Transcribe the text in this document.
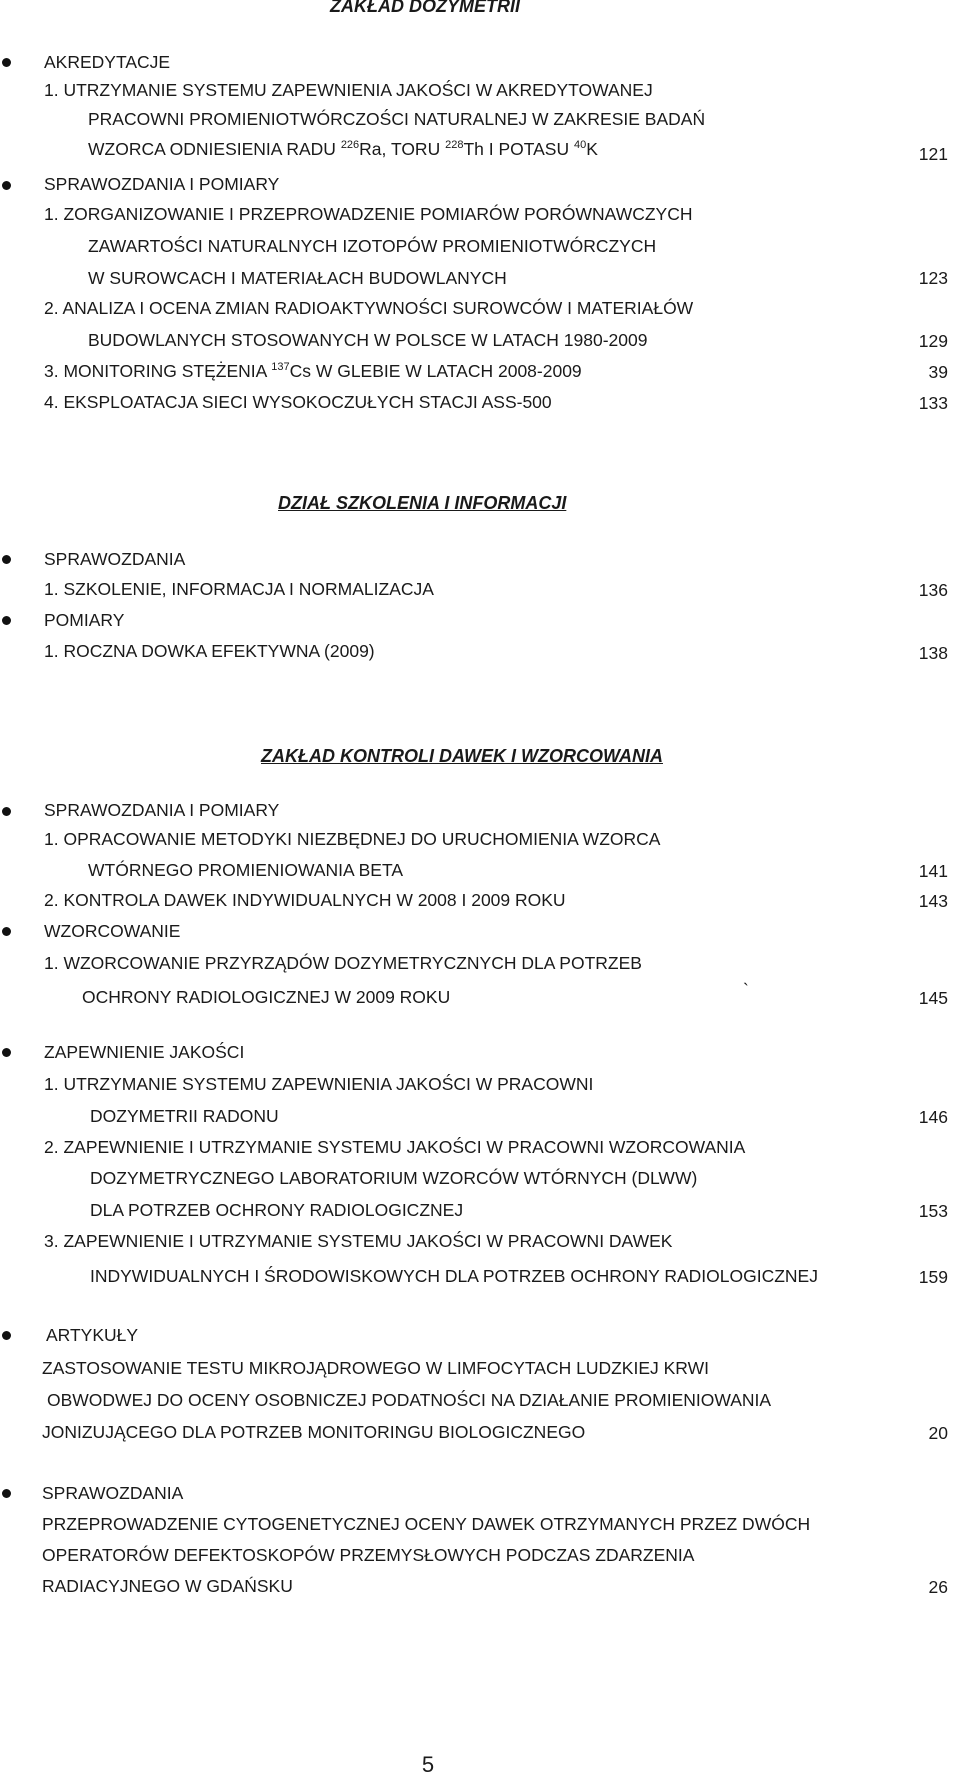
ZAKŁAD DOZYMETRII
AKREDYTACJE
1. UTRZYMANIE SYSTEMU ZAPEWNIENIA JAKOŚCI W AKREDYTOWANEJ
PRACOWNI PROMIENIOTWÓRCZOŚCI NATURALNEJ W ZAKRESIE BADAŃ
WZORCA ODNIESIENIA RADU $^{226}$Ra, TORU $^{228}$Th I POTASU $^{40}$K	121
SPRAWOZDANIA I POMIARY
1. ZORGANIZOWANIE I PRZEPROWADZENIE POMIARÓW PORÓWNAWCZYCH
ZAWARTOŚCI NATURALNYCH IZOTOPÓW PROMIENIOTWÓRCZYCH
W SUROWCACH I MATERIAŁACH BUDOWLANYCH	123
2. ANALIZA I OCENA ZMIAN RADIOAKTYWNOŚCI SUROWCÓW I MATERIAŁÓW
BUDOWLANYCH STOSOWANYCH W POLSCE W LATACH 1980-2009	129
3. MONITORING STĘŻENIA $^{137}$Cs W GLEBIE W LATACH 2008-2009	39
4. EKSPLOATACJA SIECI WYSOKOCZUŁYCH STACJI ASS-500	133
DZIAŁ SZKOLENIA I INFORMACJI
SPRAWOZDANIA
1. SZKOLENIE, INFORMACJA I NORMALIZACJA	136
POMIARY
1. ROCZNA DOWKA EFEKTYWNA (2009)	138
ZAKŁAD KONTROLI DAWEK I WZORCOWANIA
SPRAWOZDANIA I POMIARY
1. OPRACOWANIE METODYKI NIEZBĘDNEJ DO URUCHOMIENIA WZORCA
WTÓRNEGO PROMIENIOWANIA BETA	141
2. KONTROLA DAWEK INDYWIDUALNYCH W 2008 I 2009 ROKU	143
WZORCOWANIE
1. WZORCOWANIE PRZYRZĄDÓW DOZYMETRYCZNYCH DLA POTRZEB
OCHRONY RADIOLOGICZNEJ W 2009 ROKU	`	145
ZAPEWNIENIE JAKOŚCI
1. UTRZYMANIE SYSTEMU ZAPEWNIENIA JAKOŚCI W PRACOWNI
DOZYMETRII RADONU	146
2. ZAPEWNIENIE I UTRZYMANIE SYSTEMU JAKOŚCI W PRACOWNI WZORCOWANIA
DOZYMETRYCZNEGO LABORATORIUM WZORCÓW WTÓRNYCH (DLWW)
DLA POTRZEB OCHRONY RADIOLOGICZNEJ	153
3. ZAPEWNIENIE I UTRZYMANIE SYSTEMU JAKOŚCI W PRACOWNI DAWEK
INDYWIDUALNYCH I ŚRODOWISKOWYCH DLA POTRZEB OCHRONY RADIOLOGICZNEJ	159
ARTYKUŁY
ZASTOSOWANIE TESTU MIKROJĄDROWEGO W LIMFOCYTACH LUDZKIEJ KRWI
OBWODWEJ DO OCENY OSOBNICZEJ PODATNOŚCI NA DZIAŁANIE PROMIENIOWANIA
JONIZUJĄCEGO DLA POTRZEB MONITORINGU BIOLOGICZNEGO	20
SPRAWOZDANIA
PRZEPROWADZENIE CYTOGENETYCZNEJ OCENY DAWEK OTRZYMANYCH PRZEZ DWÓCH
OPERATORÓW DEFEKTOSKOPÓW PRZEMYSŁOWYCH PODCZAS ZDARZENIA
RADIACYJNEGO W GDAŃSKU	26
5
